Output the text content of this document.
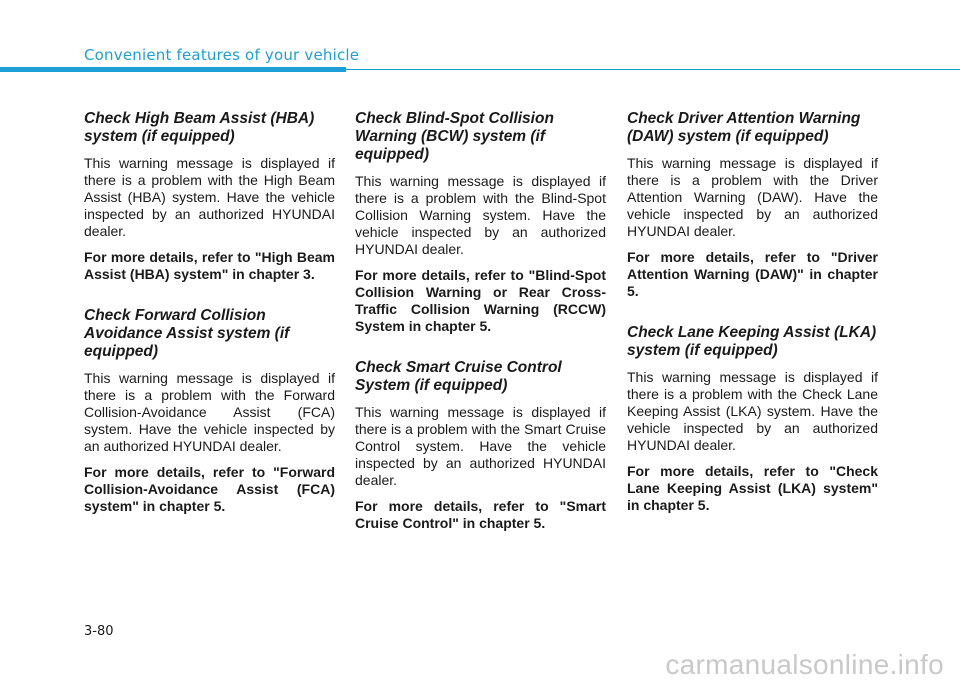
Convenient features of your vehicle
Check High Beam Assist (HBA) system (if equipped)
This warning message is displayed if there is a problem with the High Beam Assist (HBA) system. Have the vehicle inspected by an authorized HYUNDAI dealer.
For more details, refer to "High Beam Assist (HBA) system" in chapter 3.
Check Forward Collision Avoidance Assist system (if equipped)
This warning message is displayed if there is a problem with the Forward Collision-Avoidance Assist (FCA) system. Have the vehicle inspected by an authorized HYUNDAI dealer.
For more details, refer to "Forward Collision-Avoidance Assist (FCA) system" in chapter 5.
Check Blind-Spot Collision Warning (BCW) system (if equipped)
This warning message is displayed if there is a problem with the Blind-Spot Collision Warning system. Have the vehicle inspected by an authorized HYUNDAI dealer.
For more details, refer to "Blind-Spot Collision Warning or Rear Cross-Traffic Collision Warning (RCCW) System in chapter 5.
Check Smart Cruise Control System (if equipped)
This warning message is displayed if there is a problem with the Smart Cruise Control system. Have the vehicle inspected by an authorized HYUNDAI dealer.
For more details, refer to "Smart Cruise Control" in chapter 5.
Check Driver Attention Warning (DAW) system (if equipped)
This warning message is displayed if there is a problem with the Driver Attention Warning (DAW). Have the vehicle inspected by an authorized HYUNDAI dealer.
For more details, refer to "Driver Attention Warning (DAW)" in chapter 5.
Check Lane Keeping Assist (LKA) system (if equipped)
This warning message is displayed if there is a problem with the Check Lane Keeping Assist (LKA) system. Have the vehicle inspected by an authorized HYUNDAI dealer.
For more details, refer to "Check Lane Keeping Assist (LKA) system" in chapter 5.
3-80
carmanualsonline.info
